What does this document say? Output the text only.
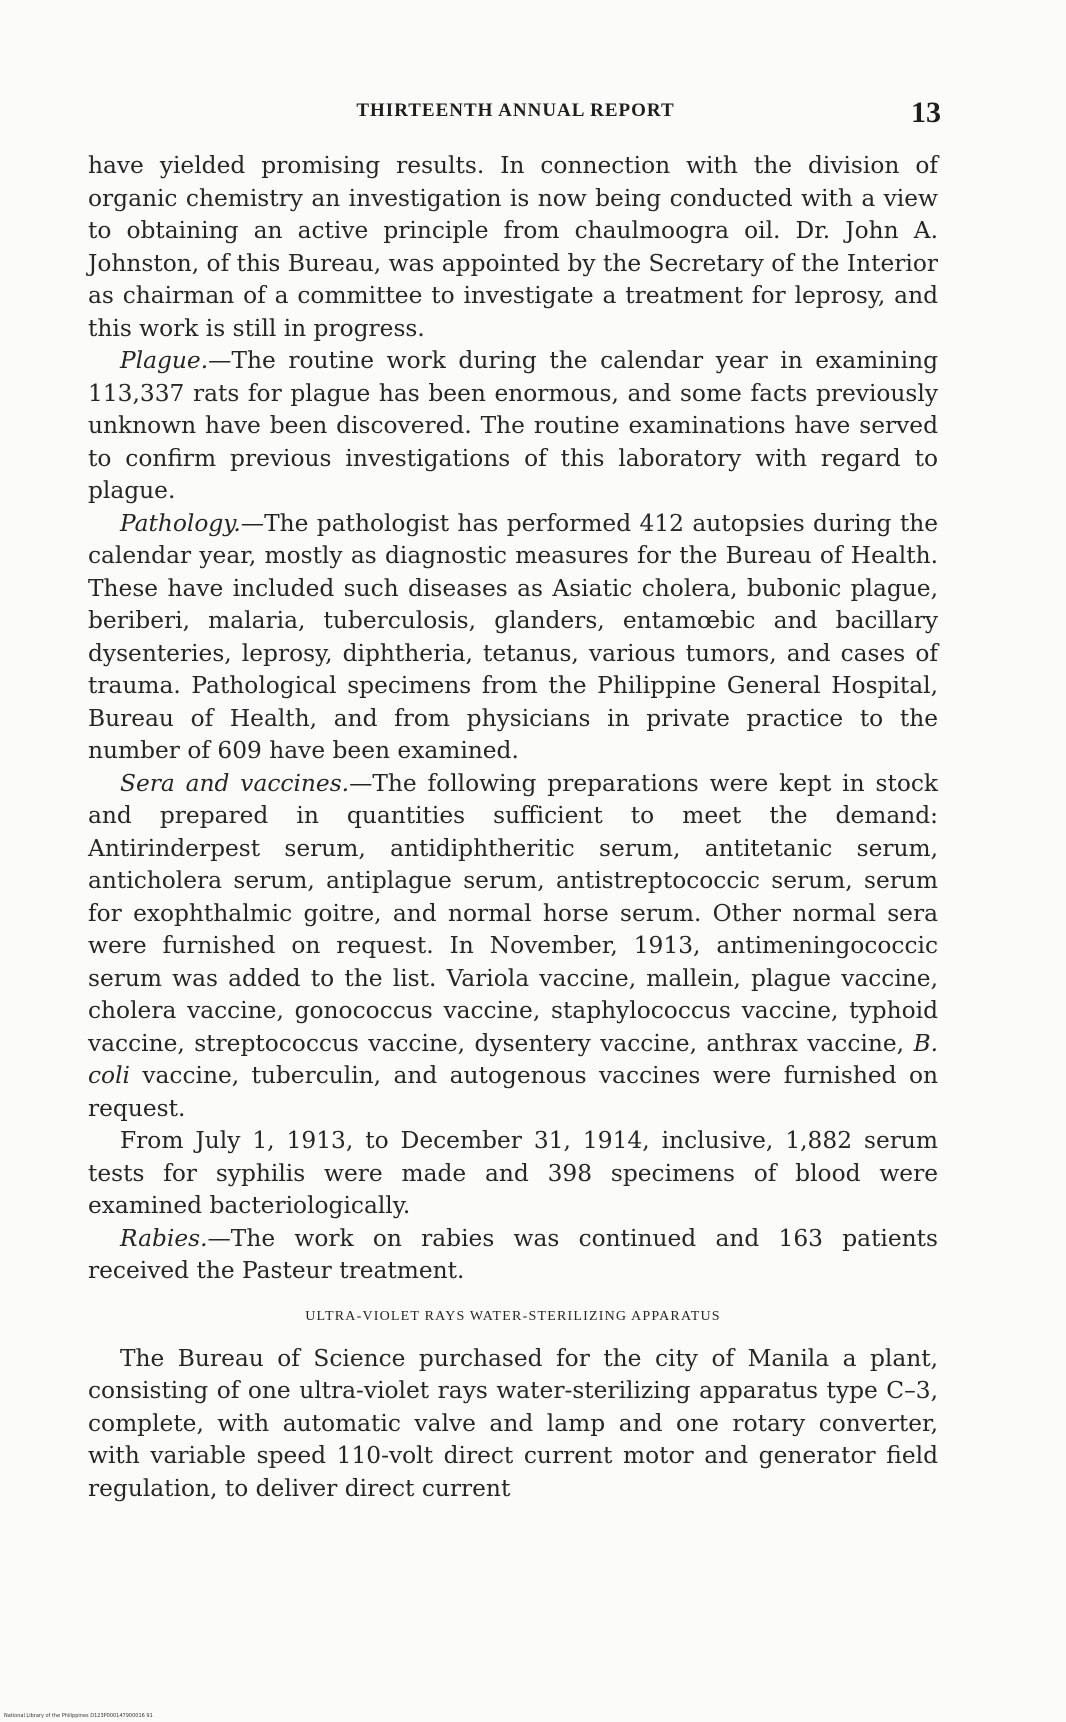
THIRTEENTH ANNUAL REPORT	13

have yielded promising results. In connection with the division of organic chemistry an investigation is now being conducted with a view to obtaining an active principle from chaulmoogra oil. Dr. John A. Johnston, of this Bureau, was appointed by the Secretary of the Interior as chairman of a committee to investigate a treatment for leprosy, and this work is still in progress.

Plague.—The routine work during the calendar year in examining 113,337 rats for plague has been enormous, and some facts previously unknown have been discovered. The routine examinations have served to confirm previous investigations of this laboratory with regard to plague.

Pathology.—The pathologist has performed 412 autopsies during the calendar year, mostly as diagnostic measures for the Bureau of Health. These have included such diseases as Asiatic cholera, bubonic plague, beriberi, malaria, tuberculosis, glanders, entamœbic and bacillary dysenteries, leprosy, diphtheria, tetanus, various tumors, and cases of trauma. Pathological specimens from the Philippine General Hospital, Bureau of Health, and from physicians in private practice to the number of 609 have been examined.

Sera and vaccines.—The following preparations were kept in stock and prepared in quantities sufficient to meet the demand: Antirinderpest serum, antidiphtheritic serum, antitetanic serum, anticholera serum, antiplague serum, antistreptococcic serum, serum for exophthalmic goitre, and normal horse serum. Other normal sera were furnished on request. In November, 1913, antimeningococcic serum was added to the list. Variola vaccine, mallein, plague vaccine, cholera vaccine, gonococcus vaccine, staphylococcus vaccine, typhoid vaccine, streptococcus vaccine, dysentery vaccine, anthrax vaccine, B. coli vaccine, tuberculin, and autogenous vaccines were furnished on request.

From July 1, 1913, to December 31, 1914, inclusive, 1,882 serum tests for syphilis were made and 398 specimens of blood were examined bacteriologically.

Rabies.—The work on rabies was continued and 163 patients received the Pasteur treatment.

ULTRA-VIOLET RAYS WATER-STERILIZING APPARATUS

The Bureau of Science purchased for the city of Manila a plant, consisting of one ultra-violet rays water-sterilizing apparatus type C–3, complete, with automatic valve and lamp and one rotary converter, with variable speed 110-volt direct current motor and generator field regulation, to deliver direct current

National Library of the Philippines D123P000147900016 91
